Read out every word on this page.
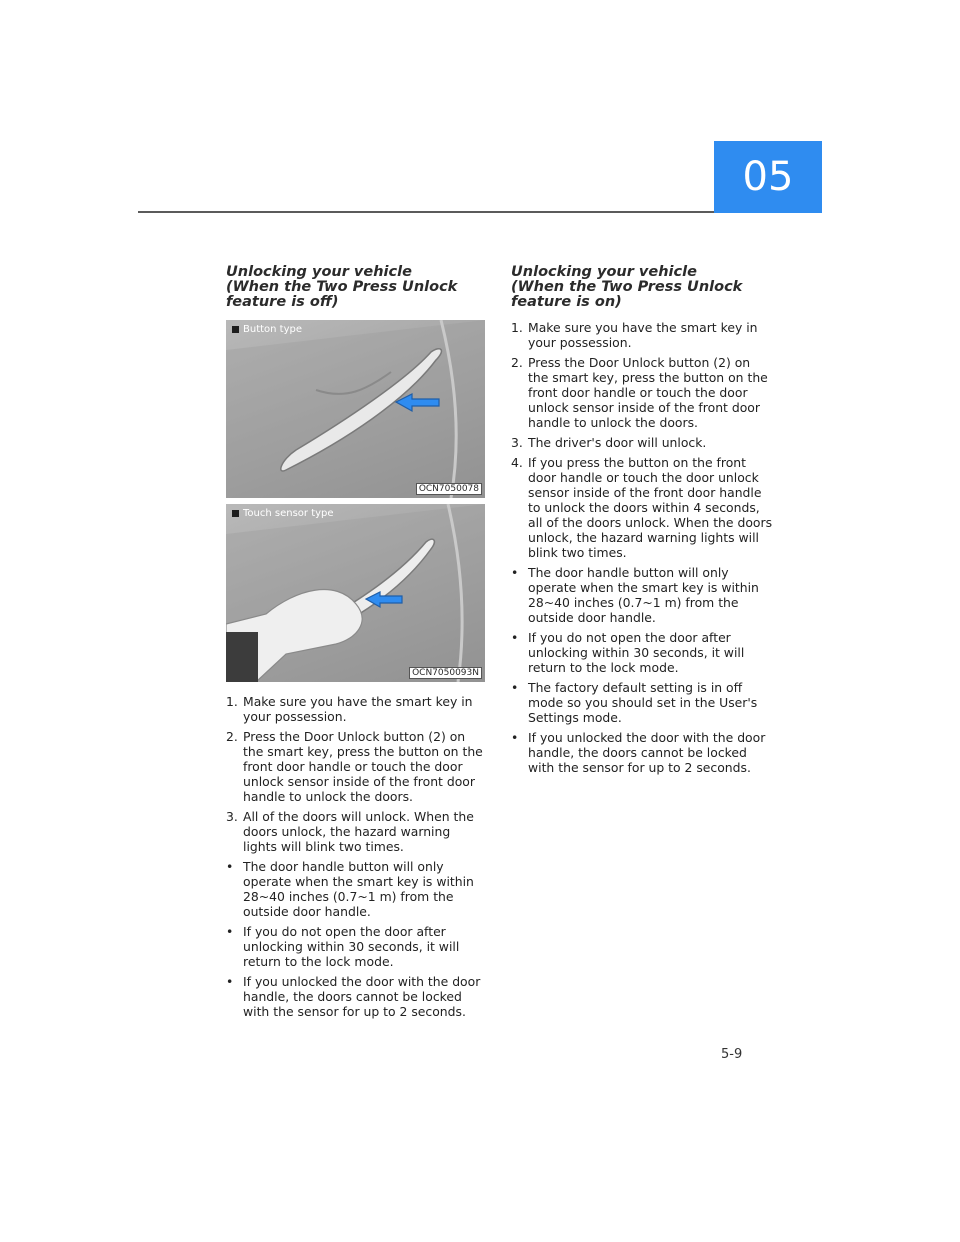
05
Unlocking your vehicle
(When the Two Press Unlock feature is off)
Button type
OCN7050078
Touch sensor type
OCN7050093N
1. Make sure you have the smart key in your possession.
2. Press the Door Unlock button (2) on the smart key, press the button on the front door handle or touch the door unlock sensor inside of the front door handle to unlock the doors.
3. All of the doors will unlock. When the doors unlock, the hazard warning lights will blink two times.
• The door handle button will only operate when the smart key is within 28~40 inches (0.7~1 m) from the outside door handle.
• If you do not open the door after unlocking within 30 seconds, it will return to the lock mode.
• If you unlocked the door with the door handle, the doors cannot be locked with the sensor for up to 2 seconds.
Unlocking your vehicle
(When the Two Press Unlock feature is on)
1. Make sure you have the smart key in your possession.
2. Press the Door Unlock button (2) on the smart key, press the button on the front door handle or touch the door unlock sensor inside of the front door handle to unlock the doors.
3. The driver's door will unlock.
4. If you press the button on the front door handle or touch the door unlock sensor inside of the front door handle to unlock the doors within 4 seconds, all of the doors unlock. When the doors unlock, the hazard warning lights will blink two times.
• The door handle button will only operate when the smart key is within 28~40 inches (0.7~1 m) from the outside door handle.
• If you do not open the door after unlocking within 30 seconds, it will return to the lock mode.
• The factory default setting is in off mode so you should set in the User's Settings mode.
• If you unlocked the door with the door handle, the doors cannot be locked with the sensor for up to 2 seconds.
5-9
